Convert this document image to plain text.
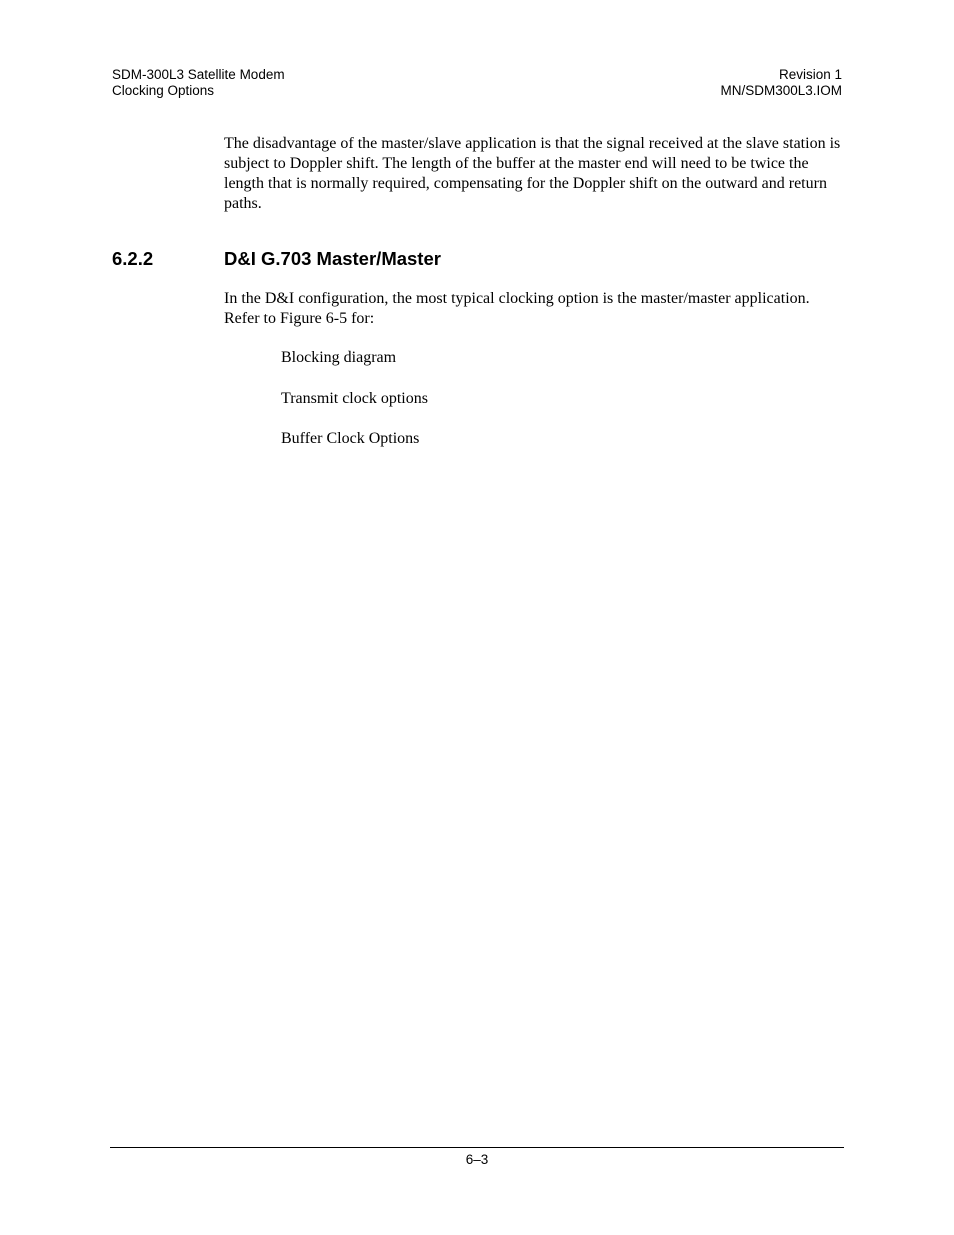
SDM-300L3 Satellite Modem
Clocking Options
Revision 1
MN/SDM300L3.IOM

The disadvantage of the master/slave application is that the signal received at the slave station is subject to Doppler shift. The length of the buffer at the master end will need to be twice the length that is normally required, compensating for the Doppler shift on the outward and return paths.

6.2.2	D&I G.703 Master/Master

In the D&I configuration, the most typical clocking option is the master/master application. Refer to Figure 6-5 for:

Blocking diagram
Transmit clock options
Buffer Clock Options
6–3
